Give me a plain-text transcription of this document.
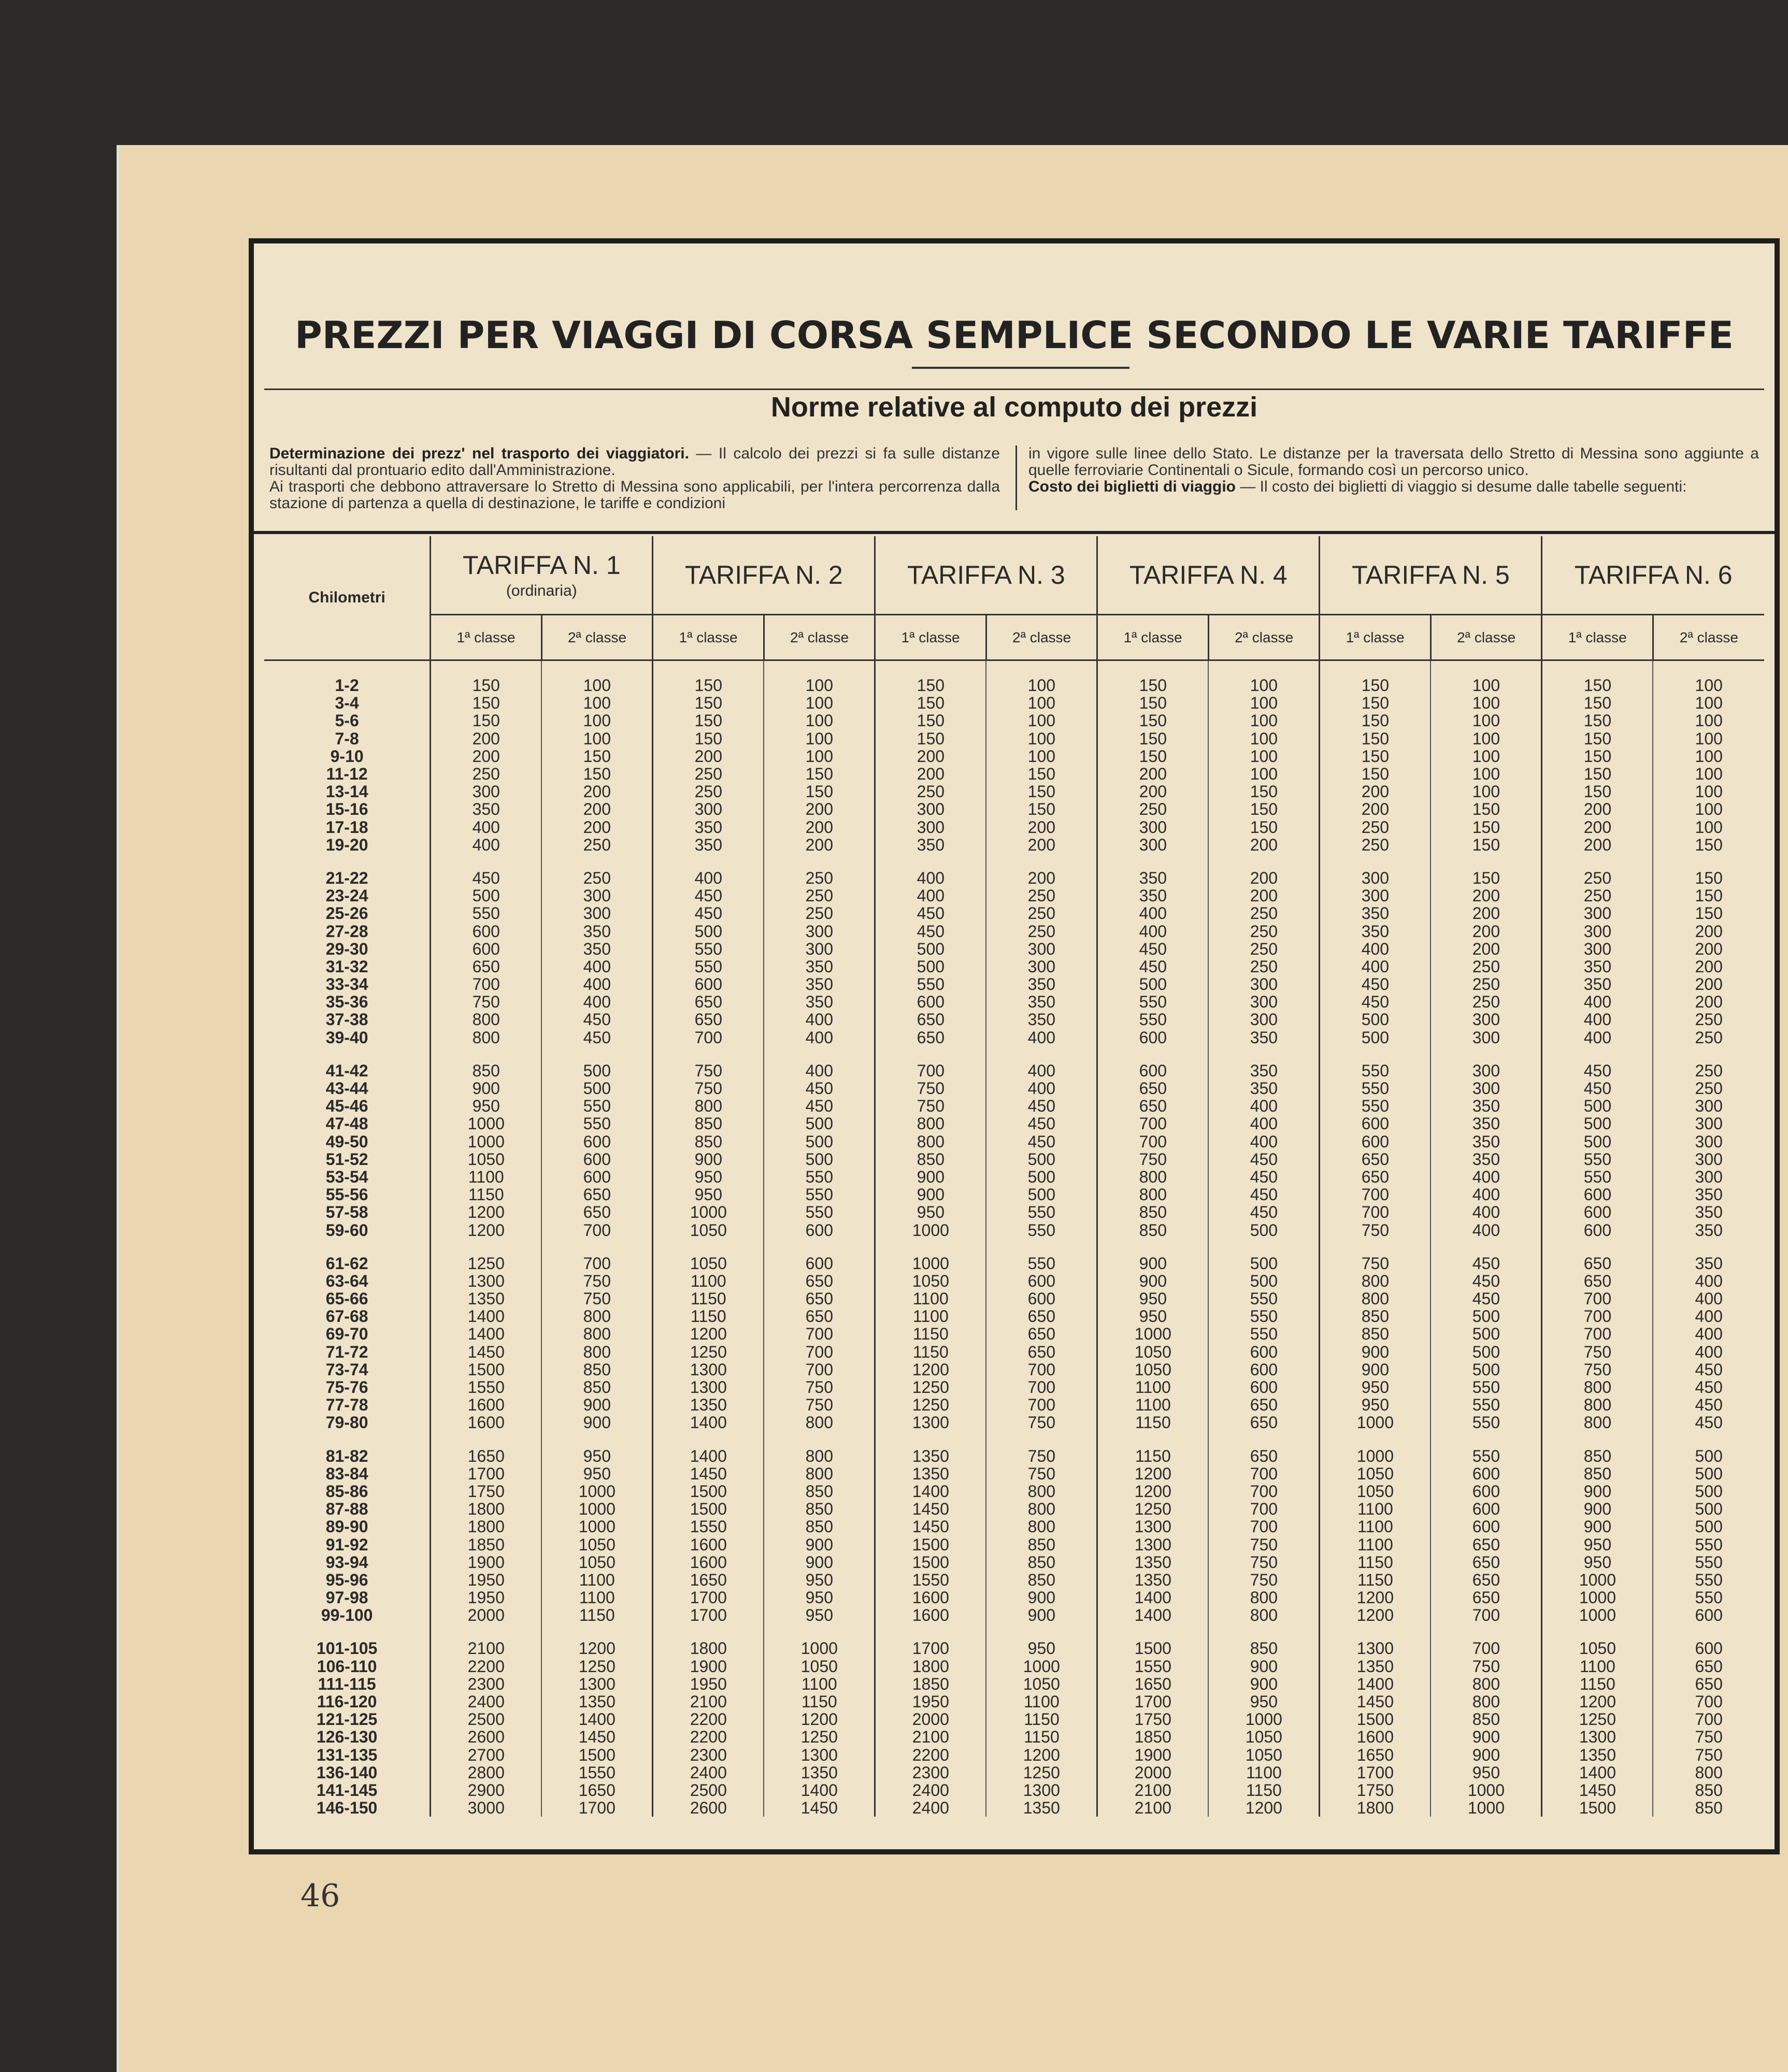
PREZZI PER VIAGGI DI CORSA SEMPLICE SECONDO LE VARIE TARIFFE
Norme relative al computo dei prezzi

Determinazione dei prezz' nel trasporto dei viaggiatori. — Il calcolo dei prezzi si fa sulle distanze risultanti dal prontuario edito dall'Amministrazione.

Ai trasporti che debbono attraversare lo Stretto di Messina sono applicabili, per l'intera percorrenza dalla stazione di partenza a quella di destinazione, le tariffe e condizioni

in vigore sulle linee dello Stato. Le distanze per la traversata dello Stretto di Messina sono aggiunte a quelle ferroviarie Continentali o Sicule, formando così un percorso unico.

Costo dei biglietti di viaggio — Il costo dei biglietti di viaggio si desume dalle tabelle seguenti:

Chilometri	TARIFFA N. 1
(ordinaria)		TARIFFA N. 2		TARIFFA N. 3		TARIFFA N. 4		TARIFFA N. 5		TARIFFA N. 6	
	1ª classe	2ª classe	1ª classe	2ª classe	1ª classe	2ª classe	1ª classe	2ª classe	1ª classe	2ª classe	1ª classe	2ª classe

1-2	150	100	150	100	150	100	150	100	150	100	150	100
3-4	150	100	150	100	150	100	150	100	150	100	150	100
5-6	150	100	150	100	150	100	150	100	150	100	150	100
7-8	200	100	150	100	150	100	150	100	150	100	150	100
9-10	200	150	200	100	200	100	150	100	150	100	150	100
11-12	250	150	250	150	200	150	200	100	150	100	150	100
13-14	300	200	250	150	250	150	200	150	200	100	150	100
15-16	350	200	300	200	300	150	250	150	200	150	200	100
17-18	400	200	350	200	300	200	300	150	250	150	200	100
19-20	400	250	350	200	350	200	300	200	250	150	200	150

21-22	450	250	400	250	400	200	350	200	300	150	250	150
23-24	500	300	450	250	400	250	350	200	300	200	250	150
25-26	550	300	450	250	450	250	400	250	350	200	300	150
27-28	600	350	500	300	450	250	400	250	350	200	300	200
29-30	600	350	550	300	500	300	450	250	400	200	300	200
31-32	650	400	550	350	500	300	450	250	400	250	350	200
33-34	700	400	600	350	550	350	500	300	450	250	350	200
35-36	750	400	650	350	600	350	550	300	450	250	400	200
37-38	800	450	650	400	650	350	550	300	500	300	400	250
39-40	800	450	700	400	650	400	600	350	500	300	400	250

41-42	850	500	750	400	700	400	600	350	550	300	450	250
43-44	900	500	750	450	750	400	650	350	550	300	450	250
45-46	950	550	800	450	750	450	650	400	550	350	500	300
47-48	1000	550	850	500	800	450	700	400	600	350	500	300
49-50	1000	600	850	500	800	450	700	400	600	350	500	300
51-52	1050	600	900	500	850	500	750	450	650	350	550	300
53-54	1100	600	950	550	900	500	800	450	650	400	550	300
55-56	1150	650	950	550	900	500	800	450	700	400	600	350
57-58	1200	650	1000	550	950	550	850	450	700	400	600	350
59-60	1200	700	1050	600	1000	550	850	500	750	400	600	350

61-62	1250	700	1050	600	1000	550	900	500	750	450	650	350
63-64	1300	750	1100	650	1050	600	900	500	800	450	650	400
65-66	1350	750	1150	650	1100	600	950	550	800	450	700	400
67-68	1400	800	1150	650	1100	650	950	550	850	500	700	400
69-70	1400	800	1200	700	1150	650	1000	550	850	500	700	400
71-72	1450	800	1250	700	1150	650	1050	600	900	500	750	400
73-74	1500	850	1300	700	1200	700	1050	600	900	500	750	450
75-76	1550	850	1300	750	1250	700	1100	600	950	550	800	450
77-78	1600	900	1350	750	1250	700	1100	650	950	550	800	450
79-80	1600	900	1400	800	1300	750	1150	650	1000	550	800	450

81-82	1650	950	1400	800	1350	750	1150	650	1000	550	850	500
83-84	1700	950	1450	800	1350	750	1200	700	1050	600	850	500
85-86	1750	1000	1500	850	1400	800	1200	700	1050	600	900	500
87-88	1800	1000	1500	850	1450	800	1250	700	1100	600	900	500
89-90	1800	1000	1550	850	1450	800	1300	700	1100	600	900	500
91-92	1850	1050	1600	900	1500	850	1300	750	1100	650	950	550
93-94	1900	1050	1600	900	1500	850	1350	750	1150	650	950	550
95-96	1950	1100	1650	950	1550	850	1350	750	1150	650	1000	550
97-98	1950	1100	1700	950	1600	900	1400	800	1200	650	1000	550
99-100	2000	1150	1700	950	1600	900	1400	800	1200	700	1000	600

101-105	2100	1200	1800	1000	1700	950	1500	850	1300	700	1050	600
106-110	2200	1250	1900	1050	1800	1000	1550	900	1350	750	1100	650
111-115	2300	1300	1950	1100	1850	1050	1650	900	1400	800	1150	650
116-120	2400	1350	2100	1150	1950	1100	1700	950	1450	800	1200	700
121-125	2500	1400	2200	1200	2000	1150	1750	1000	1500	850	1250	700
126-130	2600	1450	2200	1250	2100	1150	1850	1050	1600	900	1300	750
131-135	2700	1500	2300	1300	2200	1200	1900	1050	1650	900	1350	750
136-140	2800	1550	2400	1350	2300	1250	2000	1100	1700	950	1400	800
141-145	2900	1650	2500	1400	2400	1300	2100	1150	1750	1000	1450	850
146-150	3000	1700	2600	1450	2400	1350	2100	1200	1800	1000	1500	850

46
